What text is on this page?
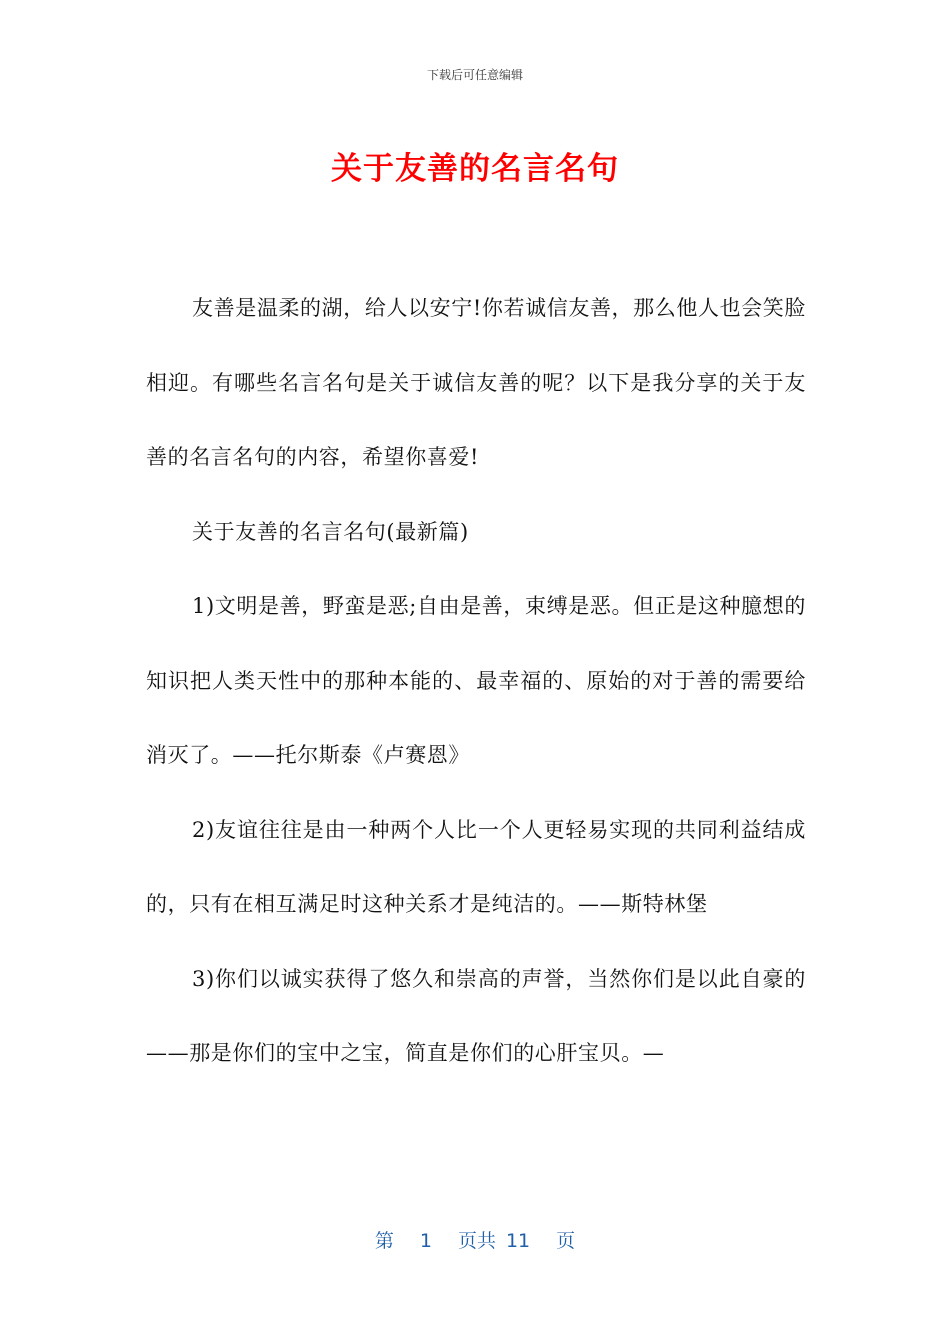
下载后可任意编辑
关于友善的名言名句

友善是温柔的湖，给人以安宁!你若诚信友善，那么他人也会笑脸相迎。有哪些名言名句是关于诚信友善的呢？以下是我分享的关于友善的名言名句的内容，希望你喜爱!

关于友善的名言名句(最新篇)

1)文明是善，野蛮是恶;自由是善，束缚是恶。但正是这种臆想的知识把人类天性中的那种本能的、最幸福的、原始的对于善的需要给消灭了。——托尔斯泰《卢赛恩》

2)友谊往往是由一种两个人比一个人更轻易实现的共同利益结成的，只有在相互满足时这种关系才是纯洁的。——斯特林堡

3)你们以诚实获得了悠久和崇高的声誉，当然你们是以此自豪的——那是你们的宝中之宝，简直是你们的心肝宝贝。—

第 1 页共 11 页
